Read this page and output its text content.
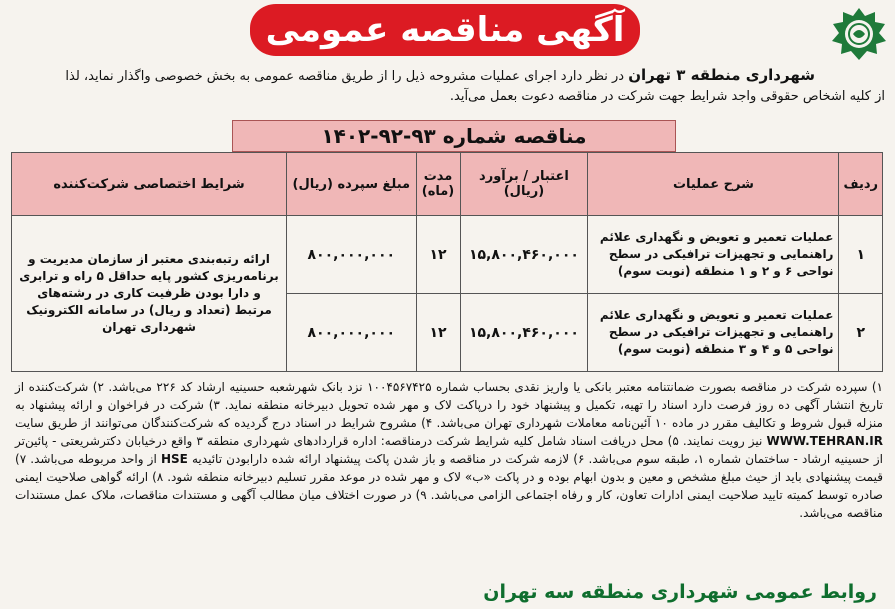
آگهی مناقصه عمومی
شهرداری منطقه ۳ تهران در نظر دارد اجرای عملیات مشروحه ذیل را از طریق مناقصه عمومی به بخش خصوصی واگذار نماید، لذا
از کلیه اشخاص حقوقی واجد شرایط جهت شرکت در مناقصه دعوت بعمل می‌آید.
مناقصه شماره ۹۳-۹۲-۱۴۰۲
ردیف	شرح عملیات	اعتبار / برآورد (ریال)	مدت (ماه)	مبلغ سپرده (ریال)	شرایط اختصاصی شرکت‌کننده
۱	عملیات تعمیر و تعویض و نگهداری علائم راهنمایی و تجهیزات ترافیکی در سطح نواحی ۶ و ۲ و ۱ منطقه (نوبت سوم)	۱۵,۸۰۰,۴۶۰,۰۰۰	۱۲	۸۰۰,۰۰۰,۰۰۰	ارائه رتبه‌بندی معتبر از سازمان مدیریت و برنامه‌ریزی کشور پایه حداقل ۵ راه و ترابری و دارا بودن ظرفیت کاری در رشته‌های مرتبط (تعداد و ریال) در سامانه الکترونیک شهرداری تهران
۲	عملیات تعمیر و تعویض و نگهداری علائم راهنمایی و تجهیزات ترافیکی در سطح نواحی ۵ و ۴ و ۳ منطقه (نوبت سوم)	۱۵,۸۰۰,۴۶۰,۰۰۰	۱۲	۸۰۰,۰۰۰,۰۰۰	
۱) سپرده شرکت در مناقصه بصورت ضمانتنامه معتبر بانکی یا واریز نقدی بحساب شماره ۱۰۰۴۵۶۷۴۲۵ نزد بانک شهرشعبه حسینیه ارشاد کد ۲۲۶ می‌باشد. ۲) شرکت‌کننده از تاریخ انتشار آگهی ده روز فرصت دارد اسناد را تهیه، تکمیل و پیشنهاد خود را درپاکت لاک و مهر شده تحویل دبیرخانه منطقه نماید. ۳) شرکت در فراخوان و ارائه پیشنهاد به منزله قبول شروط و تکالیف مقرر در ماده ۱۰ آئین‌نامه معاملات شهرداری تهران می‌باشد. ۴) مشروح شرایط در اسناد درج گردیده که شرکت‌کنندگان می‌توانند از طریق سایت WWW.TEHRAN.IR نیز رویت نمایند. ۵) محل دریافت اسناد شامل کلیه شرایط شرکت درمناقصه: اداره قراردادهای شهرداری منطقه ۳ واقع درخیابان دکترشریعتی - پائین‌تر از حسینیه ارشاد - ساختمان شماره ۱، طبقه سوم می‌باشد. ۶) لازمه شرکت در مناقصه و باز شدن پاکت پیشنهاد ارائه شده دارابودن تائیدیه HSE از واحد مربوطه می‌باشد. ۷) قیمت پیشنهادی باید از حیث مبلغ مشخص و معین و بدون ابهام بوده و در پاکت «ب» لاک و مهر شده در موعد مقرر تسلیم دبیرخانه منطقه شود. ۸) ارائه گواهی صلاحیت ایمنی صادره توسط کمیته تایید صلاحیت ایمنی ادارات تعاون، کار و رفاه اجتماعی الزامی می‌باشد. ۹) در صورت اختلاف میان مطالب آگهی و مستندات مناقصات، ملاک عمل مستندات مناقصه می‌باشد.
روابط عمومی شهرداری منطقه سه تهران
